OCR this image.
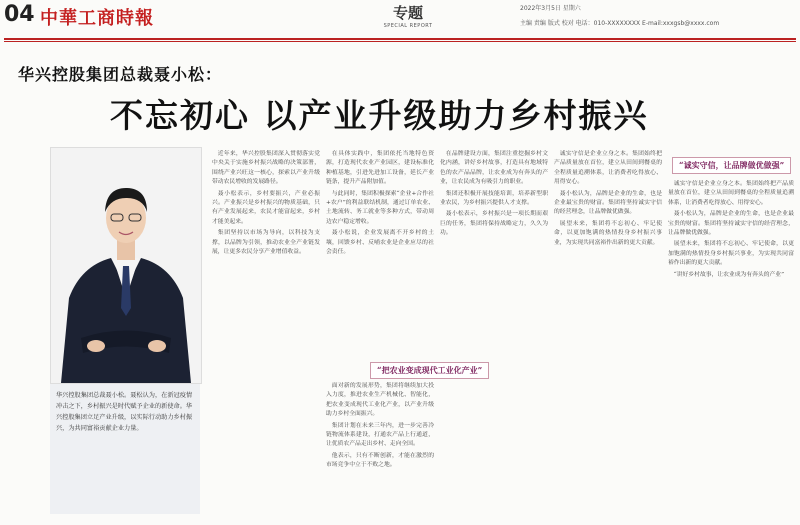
04 中華工商時報	专题
SPECIAL REPORT
2022年3月5日 星期六
主编 责编 版式 校对 电话：010-XXXXXXXX E-mail:xxxgsb@xxxx.com
华兴控股集团总裁聂小松：
不忘初心 以产业升级助力乡村振兴
华兴控股集团总裁聂小松。聂松认为，在新冠疫情冲击之下，乡村振兴是时代赋予企业的新使命。华兴控股集团立足产业升级，以实际行动助力乡村振兴，为共同富裕贡献企业力量。

近年来，华兴控股集团深入贯彻落实党中央关于实施乡村振兴战略的决策部署，围绕产业兴旺这一核心，探索以产业升级带动农民增收的发展路径。

聂小松表示，乡村要振兴，产业必振兴。产业振兴是乡村振兴的物质基础，只有产业发展起来，农民才能富起来，乡村才能美起来。

集团坚持以市场为导向，以科技为支撑，以品牌为引领，推动农业全产业链发展，让更多农民分享产业增值收益。

在具体实践中，集团依托当地特色资源，打造现代农业产业园区，建设标准化种植基地，引进先进加工设备，延长产业链条，提升产品附加值。

与此同时，集团积极探索“企业+合作社+农户”的利益联结机制，通过订单农业、土地流转、务工就业等多种方式，带动周边农户稳定增收。

聂小松说，企业发展离不开乡村的土壤，回馈乡村、反哺农业是企业应尽的社会责任。

“把农业变成现代工业化产业”

面对新的发展形势，集团将继续加大投入力度，推进农业生产机械化、智能化，把农业变成现代工业化产业，以产业升级助力乡村全面振兴。

集团计划在未来三年内，进一步完善冷链物流体系建设，打通农产品上行通道，让优质农产品走出乡村、走向全国。

他表示，只有不断创新，才能在激烈的市场竞争中立于不败之地。

在品牌建设方面，集团注重挖掘乡村文化内涵，讲好乡村故事，打造具有地域特色的农产品品牌，让农业成为有奔头的产业，让农民成为有吸引力的职业。

集团还积极开展技能培训，培养新型职业农民，为乡村振兴提供人才支撑。

聂小松表示，乡村振兴是一项长期而艰巨的任务，集团将保持战略定力，久久为功。

诚实守信是企业立身之本。集团始终把产品质量放在首位，建立从田间到餐桌的全程质量追溯体系，让消费者吃得放心、用得安心。

聂小松认为，品牌是企业的生命，也是企业最宝贵的财富。集团将坚持诚实守信的经营理念，让品牌做优做强。

展望未来，集团将不忘初心、牢记使命，以更加饱满的热情投身乡村振兴事业，为实现共同富裕作出新的更大贡献。

“诚实守信，让品牌做优做强”

诚实守信是企业立身之本。集团始终把产品质量放在首位，建立从田间到餐桌的全程质量追溯体系，让消费者吃得放心、用得安心。

聂小松认为，品牌是企业的生命，也是企业最宝贵的财富。集团将坚持诚实守信的经营理念，让品牌做优做强。

展望未来，集团将不忘初心、牢记使命，以更加饱满的热情投身乡村振兴事业，为实现共同富裕作出新的更大贡献。

“讲好乡村故事，让农业成为有奔头的产业”
